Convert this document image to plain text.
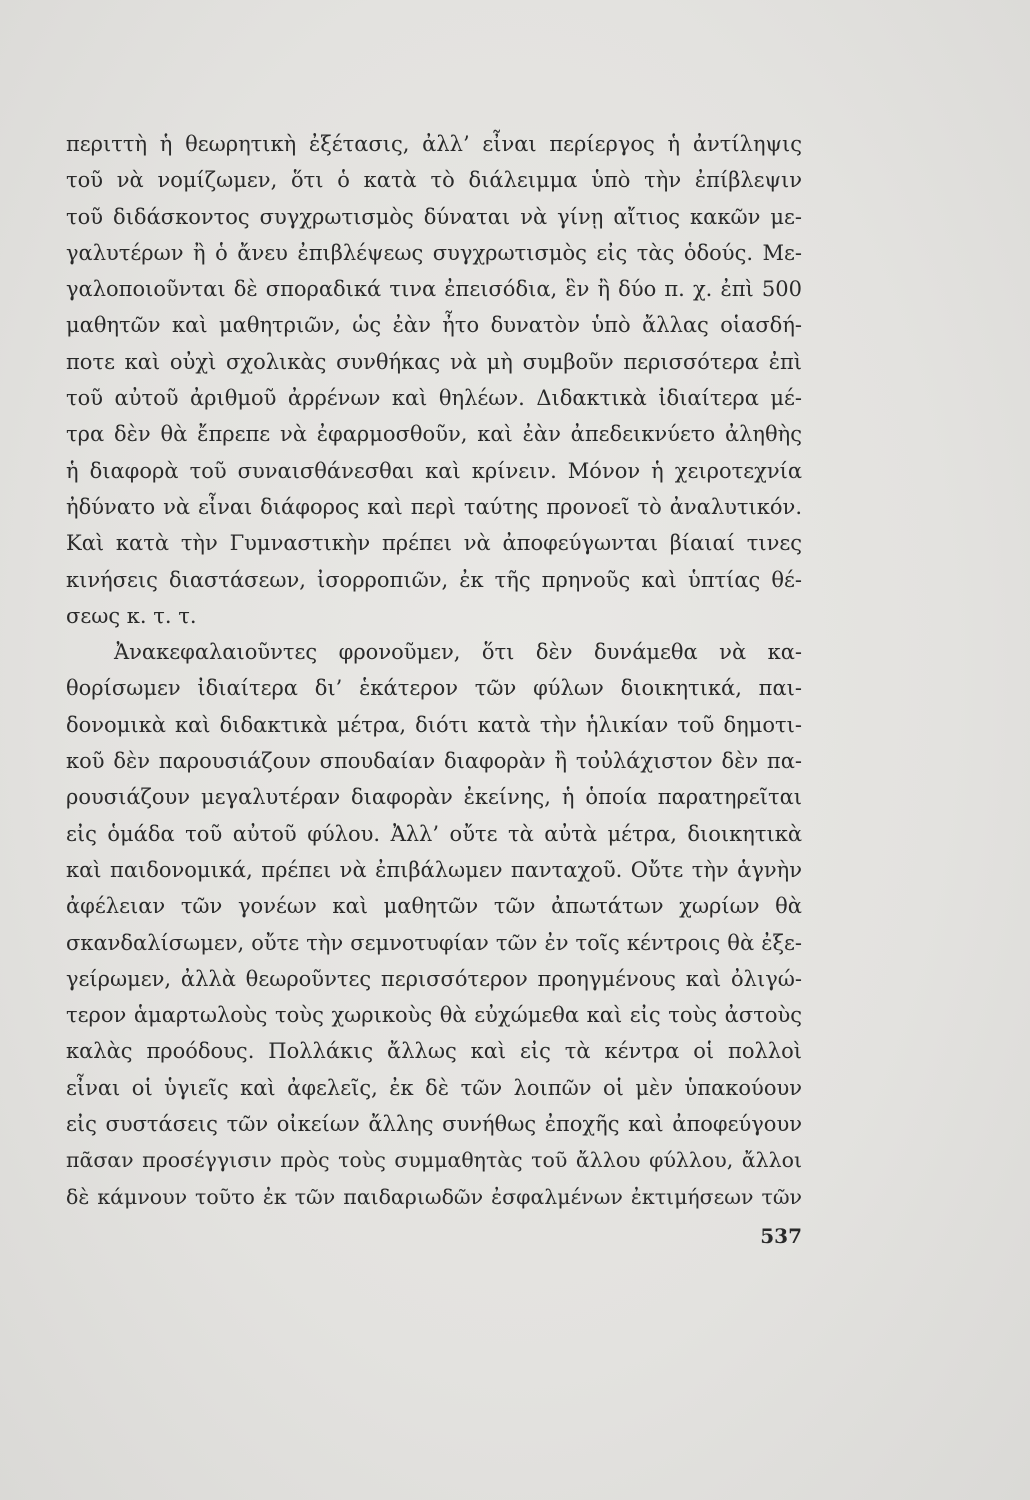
περιττὴ ἡ θεωρητικὴ ἐξέτασις, ἀλλ’ εἶναι περίεργος ἡ ἀντίληψις
τοῦ νὰ νομίζωμεν, ὅτι ὁ κατὰ τὸ διάλειμμα ὑπὸ τὴν ἐπίβλεψιν
τοῦ διδάσκοντος συγχρωτισμὸς δύναται νὰ γίνῃ αἴτιος κακῶν με-
γαλυτέρων ἢ ὁ ἄνευ ἐπιβλέψεως συγχρωτισμὸς εἰς τὰς ὁδούς. Με-
γαλοποιοῦνται δὲ σποραδικά τινα ἐπεισόδια, ἓν ἢ δύο π. χ. ἐπὶ 500
μαθητῶν καὶ μαθητριῶν, ὡς ἐὰν ἦτο δυνατὸν ὑπὸ ἄλλας οἱασδή-
ποτε καὶ οὐχὶ σχολικὰς συνθήκας νὰ μὴ συμβοῦν περισσότερα ἐπὶ
τοῦ αὐτοῦ ἀριθμοῦ ἀρρένων καὶ θηλέων. Διδακτικὰ ἰδιαίτερα μέ-
τρα δὲν θὰ ἔπρεπε νὰ ἐφαρμοσθοῦν, καὶ ἐὰν ἀπεδεικνύετο ἀληθὴς
ἡ διαφορὰ τοῦ συναισθάνεσθαι καὶ κρίνειν. Μόνον ἡ χειροτεχνία
ἠδύνατο νὰ εἶναι διάφορος καὶ περὶ ταύτης προνοεῖ τὸ ἀναλυτικόν.
Καὶ κατὰ τὴν Γυμναστικὴν πρέπει νὰ ἀποφεύγωνται βίαιαί τινες
κινήσεις διαστάσεων, ἰσορροπιῶν, ἐκ τῆς πρηνοῦς καὶ ὑπτίας θέ-
σεως κ. τ. τ.
Ἀνακεφαλαιοῦντες φρονοῦμεν, ὅτι δὲν δυνάμεθα νὰ κα-
θορίσωμεν ἰδιαίτερα δι’ ἑκάτερον τῶν φύλων διοικητικά, παι-
δονομικὰ καὶ διδακτικὰ μέτρα, διότι κατὰ τὴν ἡλικίαν τοῦ δημοτι-
κοῦ δὲν παρουσιάζουν σπουδαίαν διαφορὰν ἢ τοὐλάχιστον δὲν πα-
ρουσιάζουν μεγαλυτέραν διαφορὰν ἐκείνης, ἡ ὁποία παρατηρεῖται
εἰς ὁμάδα τοῦ αὐτοῦ φύλου. Ἀλλ’ οὔτε τὰ αὐτὰ μέτρα, διοικητικὰ
καὶ παιδονομικά, πρέπει νὰ ἐπιβάλωμεν πανταχοῦ. Οὔτε τὴν ἁγνὴν
ἀφέλειαν τῶν γονέων καὶ μαθητῶν τῶν ἀπωτάτων χωρίων θὰ
σκανδαλίσωμεν, οὔτε τὴν σεμνοτυφίαν τῶν ἐν τοῖς κέντροις θὰ ἐξε-
γείρωμεν, ἀλλὰ θεωροῦντες περισσότερον προηγμένους καὶ ὀλιγώ-
τερον ἁμαρτωλοὺς τοὺς χωρικοὺς θὰ εὐχώμεθα καὶ εἰς τοὺς ἀστοὺς
καλὰς προόδους. Πολλάκις ἄλλως καὶ εἰς τὰ κέντρα οἱ πολλοὶ
εἶναι οἱ ὑγιεῖς καὶ ἀφελεῖς, ἐκ δὲ τῶν λοιπῶν οἱ μὲν ὑπακούουν
εἰς συστάσεις τῶν οἰκείων ἄλλης συνήθως ἐποχῆς καὶ ἀποφεύγουν
πᾶσαν προσέγγισιν πρὸς τοὺς συμμαθητὰς τοῦ ἄλλου φύλλου, ἄλλοι
δὲ κάμνουν τοῦτο ἐκ τῶν παιδαριωδῶν ἐσφαλμένων ἐκτιμήσεων τῶν
537
